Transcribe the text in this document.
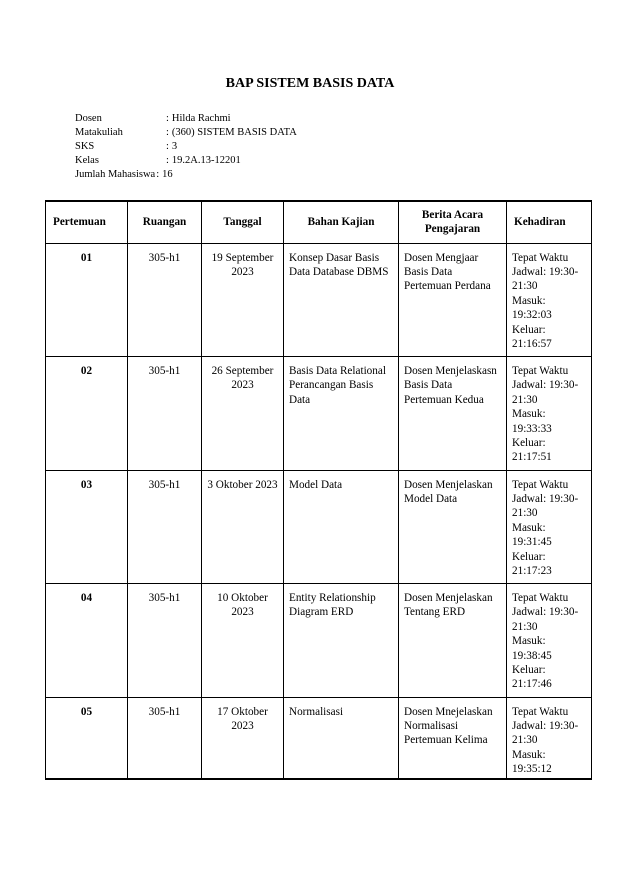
BAP SISTEM BASIS DATA
Dosen	: Hilda Rachmi
Matakuliah	: (360) SISTEM BASIS DATA
SKS	: 3
Kelas	: 19.2A.13-12201
Jumlah Mahasiswa : 16
Pertemuan	Ruangan	Tanggal	Bahan Kajian	Berita Acara Pengajaran	Kehadiran
01	305-h1	19 September 2023	Konsep Dasar Basis Data Database DBMS	Dosen Mengjaar Basis Data Pertemuan Perdana	Tepat Waktu
Jadwal: 19:30-21:30
Masuk: 19:32:03
Keluar: 21:16:57

02	305-h1	26 September 2023	Basis Data Relational Perancangan Basis Data	Dosen Menjelaskasn Basis Data Pertemuan Kedua	Tepat Waktu
Jadwal: 19:30-21:30
Masuk: 19:33:33
Keluar: 21:17:51

03	305-h1	3 Oktober 2023	Model Data	Dosen Menjelaskan Model Data	Tepat Waktu
Jadwal: 19:30-21:30
Masuk: 19:31:45
Keluar: 21:17:23

04	305-h1	10 Oktober 2023	Entity Relationship Diagram ERD	Dosen Menjelaskan Tentang ERD	Tepat Waktu
Jadwal: 19:30-21:30
Masuk: 19:38:45
Keluar: 21:17:46

05	305-h1	17 Oktober 2023	Normalisasi	Dosen Mnejelaskan Normalisasi Pertemuan Kelima	Tepat Waktu
Jadwal: 19:30-21:30
Masuk: 19:35:12
